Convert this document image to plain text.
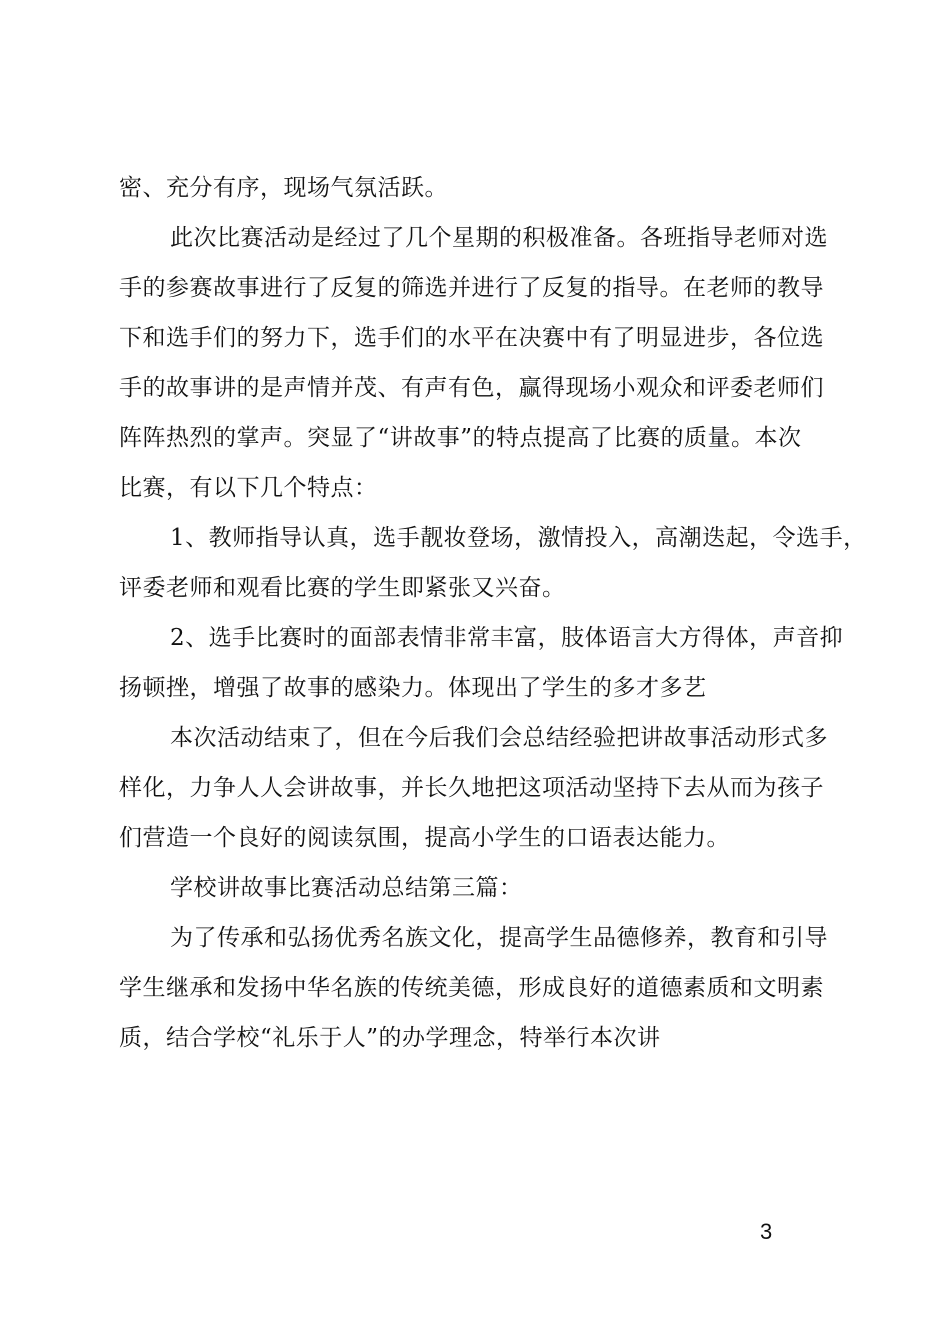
密、充分有序，现场气氛活跃。
此次比赛活动是经过了几个星期的积极准备。各班指导老师对选
手的参赛故事进行了反复的筛选并进行了反复的指导。在老师的教导
下和选手们的努力下，选手们的水平在决赛中有了明显进步，各位选
手的故事讲的是声情并茂、有声有色，赢得现场小观众和评委老师们
阵阵热烈的掌声。突显了“讲故事”的特点提高了比赛的质量。本次
比赛，有以下几个特点：
1、教师指导认真，选手靓妆登场，激情投入，高潮迭起，令选手，
评委老师和观看比赛的学生即紧张又兴奋。
2、选手比赛时的面部表情非常丰富，肢体语言大方得体，声音抑
扬顿挫，增强了故事的感染力。体现出了学生的多才多艺
本次活动结束了，但在今后我们会总结经验把讲故事活动形式多
样化，力争人人会讲故事，并长久地把这项活动坚持下去从而为孩子
们营造一个良好的阅读氛围，提高小学生的口语表达能力。
学校讲故事比赛活动总结第三篇：
为了传承和弘扬优秀名族文化，提高学生品德修养，教育和引导
学生继承和发扬中华名族的传统美德，形成良好的道德素质和文明素
质，结合学校“礼乐于人”的办学理念，特举行本次讲
3
